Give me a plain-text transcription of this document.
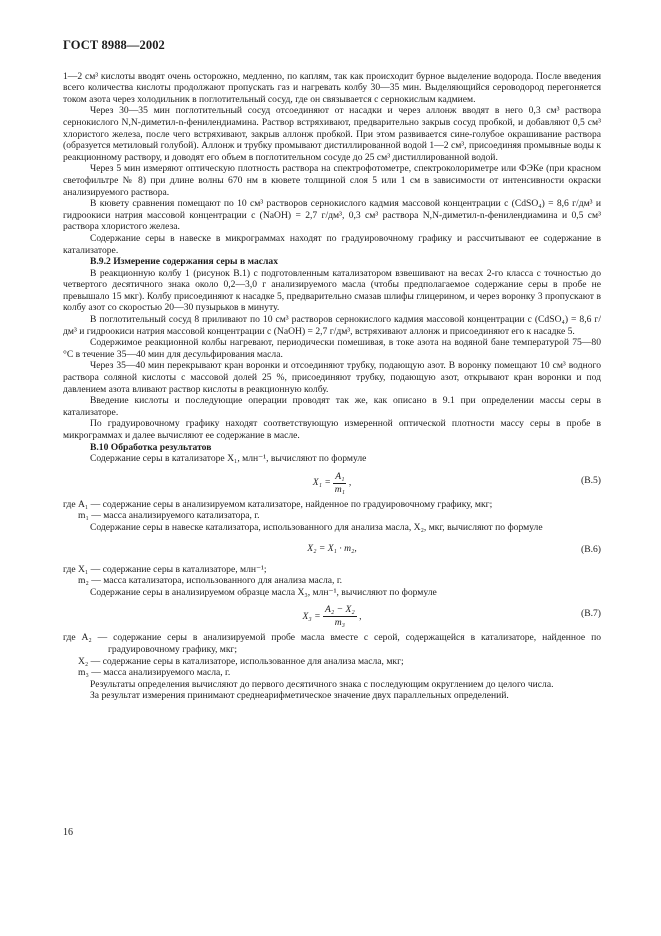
ГОСТ 8988—2002

1—2 см³ кислоты вводят очень осторожно, медленно, по каплям, так как происходит бурное выделение водорода. После введения всего количества кислоты продолжают пропускать газ и нагревать колбу 30—35 мин. Выделяющийся сероводород перегоняется током азота через холодильник в поглотительный сосуд, где он связывается с сернокислым кадмием.

Через 30—35 мин поглотительный сосуд отсоединяют от насадки и через аллонж вводят в него 0,3 см³ раствора сернокислого N,N-диметил-n-фенилендиамина. Раствор встряхивают, предварительно закрыв сосуд пробкой, и добавляют 0,5 см³ хлористого железа, после чего встряхивают, закрыв аллонж пробкой. При этом развивается сине-голубое окрашивание раствора (образуется метиловый голубой). Аллонж и трубку промывают дистиллированной водой 1—2 см³, присоединяя промывные воды к реакционному раствору, и доводят его объем в поглотительном сосуде до 25 см³ дистиллированной водой.

Через 5 мин измеряют оптическую плотность раствора на спектрофотометре, спектроколориметре или ФЭКе (при красном светофильтре № 8) при длине волны 670 нм в кювете толщиной слоя 5 или 1 см в зависимости от интенсивности окраски анализируемого раствора.

В кювету сравнения помещают по 10 см³ растворов сернокислого кадмия массовой концентрации c (CdSO₄) = 8,6 г/дм³ и гидроокиси натрия массовой концентрации c (NaOH) = 2,7 г/дм³, 0,3 см³ раствора N,N-диметил-n-фенилендиамина и 0,5 см³ раствора хлористого железа.

Содержание серы в навеске в микрограммах находят по градуировочному графику и рассчитывают ее содержание в катализаторе.

В.9.2 Измерение содержания серы в маслах

В реакционную колбу 1 (рисунок В.1) с подготовленным катализатором взвешивают на весах 2-го класса с точностью до четвертого десятичного знака около 0,2—3,0 г анализируемого масла (чтобы предполагаемое содержание серы в пробе не превышало 15 мкг). Колбу присоединяют к насадке 5, предварительно смазав шлифы глицерином, и через воронку 3 пропускают в колбу азот со скоростью 20—30 пузырьков в минуту.

В поглотительный сосуд 8 приливают по 10 см³ растворов сернокислого кадмия массовой концентрации c (CdSO₄) = 8,6 г/дм³ и гидроокиси натрия массовой концентрации c (NaOH) = 2,7 г/дм³, встряхивают аллонж и присоединяют его к насадке 5.

Содержимое реакционной колбы нагревают, периодически помешивая, в токе азота на водяной бане температурой 75—80 °С в течение 35—40 мин для десульфирования масла.

Через 35—40 мин перекрывают кран воронки и отсоединяют трубку, подающую азот. В воронку помещают 10 см³ водного раствора соляной кислоты с массовой долей 25 %, присоединяют трубку, подающую азот, открывают кран воронки и под давлением азота вливают раствор кислоты в реакционную колбу.

Введение кислоты и последующие операции проводят так же, как описано в 9.1 при определении массы серы в катализаторе.

По градуировочному графику находят соответствующую измеренной оптической плотности массу серы в пробе в микрограммах и далее вычисляют ее содержание в масле.

В.10 Обработка результатов

Содержание серы в катализаторе X₁, млн⁻¹, вычисляют по формуле

$X_1 = \frac{\text{A₁}}{\text{m₁}}$ ,	(В.5)

где A₁ — содержание серы в анализируемом катализаторе, найденное по градуировочному графику, мкг;

m₁ — масса анализируемого катализатора, г.

Содержание серы в навеске катализатора, использованного для анализа масла, X₂, мкг, вычисляют по формуле

X₂ = X₁ · m₂,	(В.6)

где X₁ — содержание серы в катализаторе, млн⁻¹;

m₂ — масса катализатора, использованного для анализа масла, г.

Содержание серы в анализируемом образце масла X₃, млн⁻¹, вычисляют по формуле

$X_3 = \frac{\text{A₂ − X₂}}{\text{m₃}}$ ,	(В.7)

где A₂ — содержание серы в анализируемой пробе масла вместе с серой, содержащейся в катализаторе, найденное по градуировочному графику, мкг;

X₂ — содержание серы в катализаторе, использованное для анализа масла, мкг;

m₃ — масса анализируемого масла, г.

Результаты определения вычисляют до первого десятичного знака с последующим округлением до целого числа.

За результат измерения принимают среднеарифметическое значение двух параллельных определений.

16
